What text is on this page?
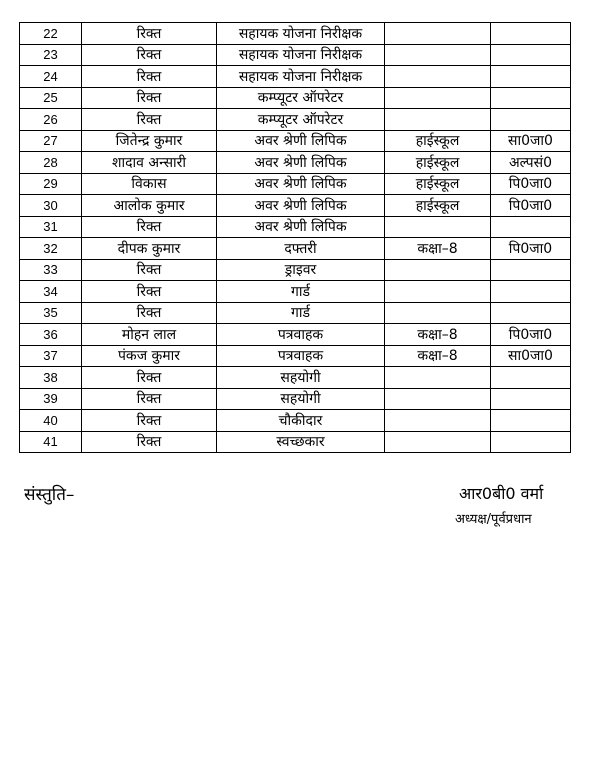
22	रिक्त	सहायक योजना निरीक्षक		
23	रिक्त	सहायक योजना निरीक्षक		
24	रिक्त	सहायक योजना निरीक्षक		
25	रिक्त	कम्प्यूटर ऑपरेटर		
26	रिक्त	कम्प्यूटर ऑपरेटर		
27	जितेन्द्र कुमार	अवर श्रेणी लिपिक	हाईस्कूल	सा0जा0
28	शादाव अन्सारी	अवर श्रेणी लिपिक	हाईस्कूल	अल्पसं0
29	विकास	अवर श्रेणी लिपिक	हाईस्कूल	पि0जा0
30	आलोक कुमार	अवर श्रेणी लिपिक	हाईस्कूल	पि0जा0
31	रिक्त	अवर श्रेणी लिपिक		
32	दीपक कुमार	दफ्तरी	कक्षा–8	पि0जा0
33	रिक्त	ड्राइवर		
34	रिक्त	गार्ड		
35	रिक्त	गार्ड		
36	मोहन लाल	पत्रवाहक	कक्षा–8	पि0जा0
37	पंकज कुमार	पत्रवाहक	कक्षा–8	सा0जा0
38	रिक्त	सहयोगी		
39	रिक्त	सहयोगी		
40	रिक्त	चौकीदार		
41	रिक्त	स्वच्छकार		
संस्तुति–	आर0बी0 वर्मा
अध्यक्ष/पूर्वप्रधान
